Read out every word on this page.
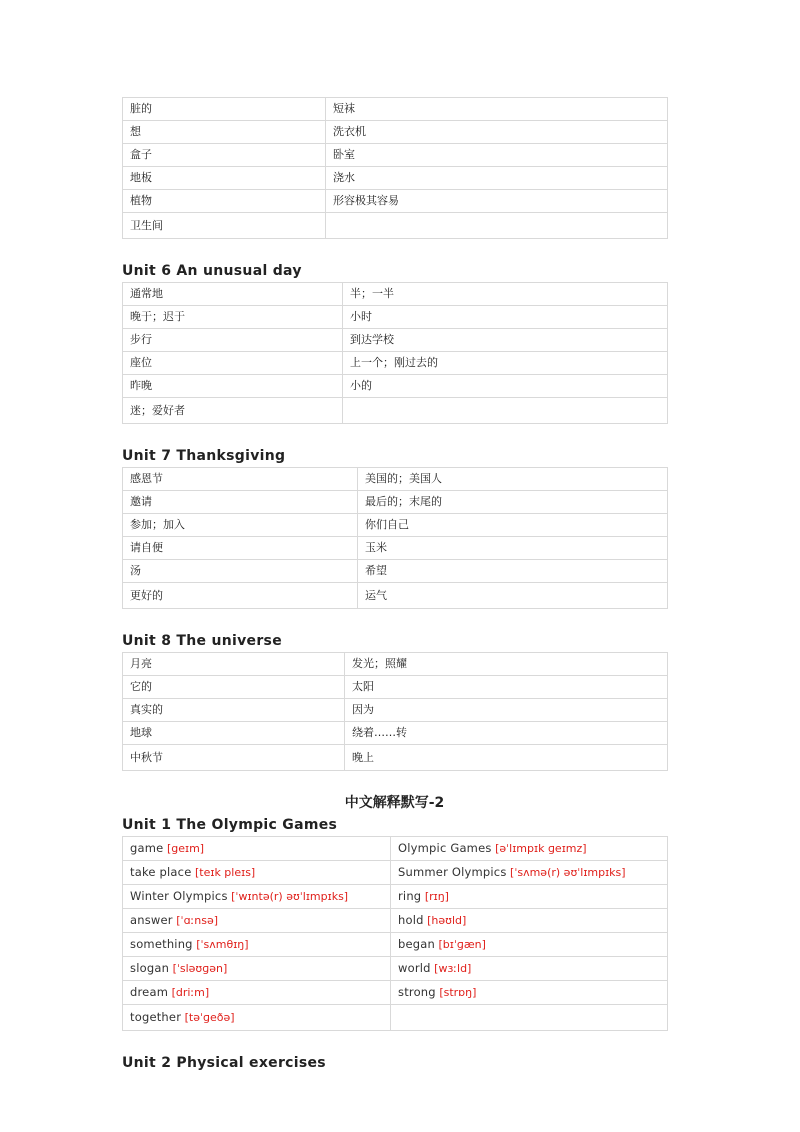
脏的	短袜
想	洗衣机
盒子	卧室
地板	浇水
植物	形容极其容易
卫生间	
Unit 6 An unusual day
通常地	半；一半
晚于；迟于	小时
步行	到达学校
座位	上一个；刚过去的
昨晚	小的
迷；爱好者	
Unit 7 Thanksgiving
感恩节	美国的；美国人
邀请	最后的；末尾的
参加；加入	你们自己
请自便	玉米
汤	希望
更好的	运气
Unit 8 The universe
月亮	发光；照耀
它的	太阳
真实的	因为
地球	绕着……转
中秋节	晚上
中文解释默写-2
Unit 1 The Olympic Games
game [geɪm]	Olympic Games [əˈlɪmpɪk ɡeɪmz]
take place [teɪk pleɪs]	Summer Olympics [ˈsʌmə(r) əʊˈlɪmpɪks]
Winter Olympics [ˈwɪntə(r) əʊˈlɪmpɪks]	ring [rɪŋ]
answer [ˈɑːnsə]	hold [həʊld]
something [ˈsʌmθɪŋ]	began [bɪˈɡæn]
slogan [ˈsləʊɡən]	world [wɜːld]
dream [driːm]	strong [strɒŋ]
together [təˈɡeðə]	
Unit 2 Physical exercises
